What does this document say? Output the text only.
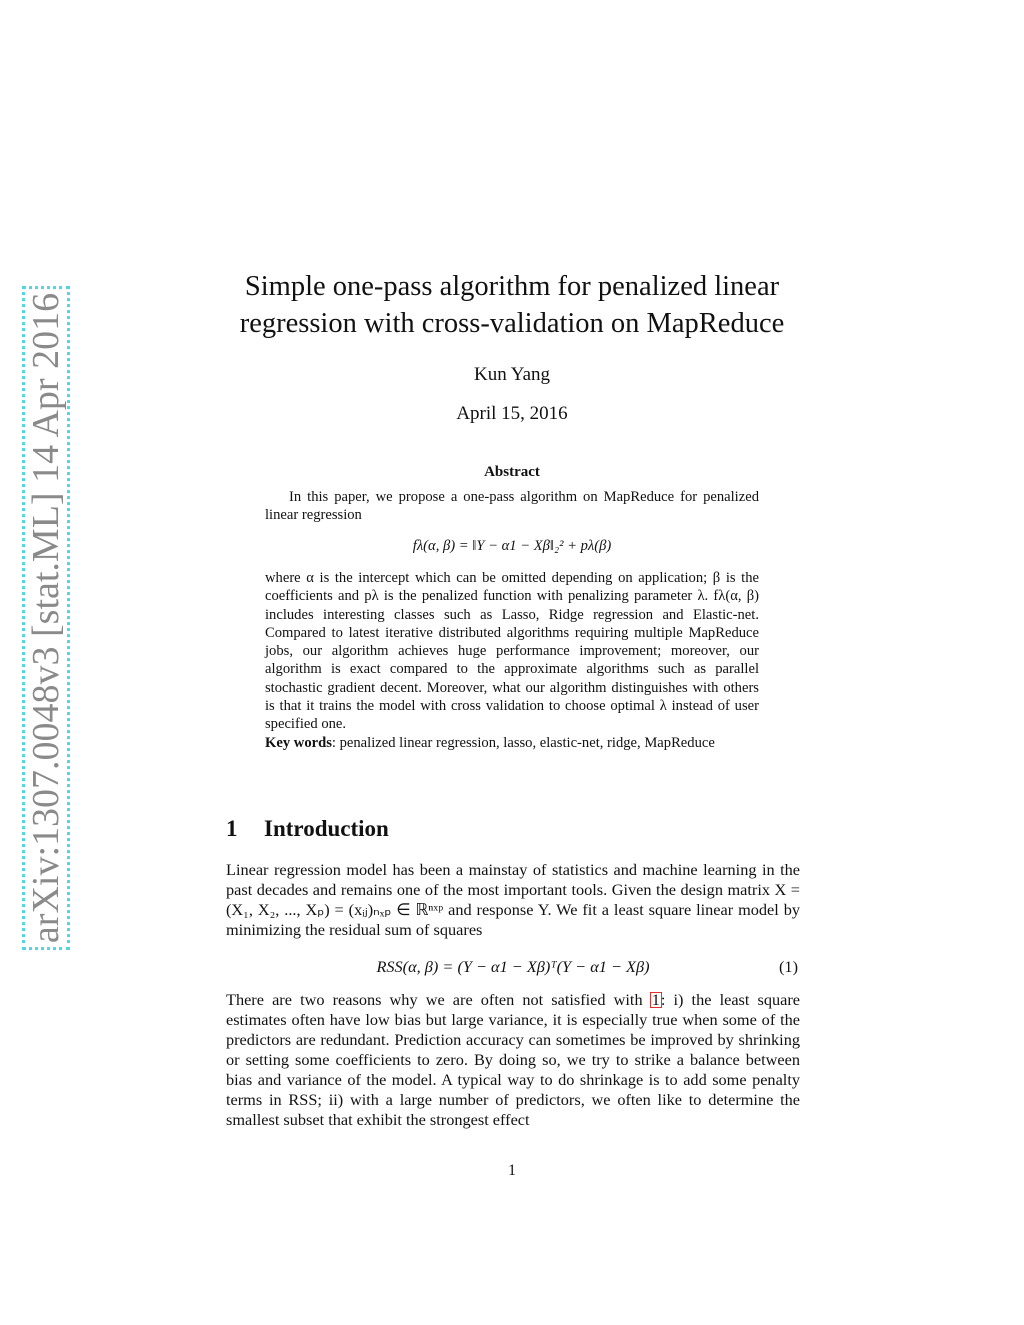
arXiv:1307.0048v3 [stat.ML] 14 Apr 2016
Simple one-pass algorithm for penalized linear
regression with cross-validation on MapReduce
Kun Yang
April 15, 2016
Abstract

In this paper, we propose a one-pass algorithm on MapReduce for penalized linear regression

fλ(α, β) = ‖Y − α1 − Xβ‖₂² + pλ(β)

where α is the intercept which can be omitted depending on application; β is the coefficients and pλ is the penalized function with penalizing parameter λ. fλ(α, β) includes interesting classes such as Lasso, Ridge regression and Elastic-net. Compared to latest iterative distributed algorithms requiring multiple MapReduce jobs, our algorithm achieves huge performance improvement; moreover, our algorithm is exact compared to the approximate algorithms such as parallel stochastic gradient decent. Moreover, what our algorithm distinguishes with others is that it trains the model with cross validation to choose optimal λ instead of user specified one.

Key words: penalized linear regression, lasso, elastic-net, ridge, MapReduce

1 Introduction

Linear regression model has been a mainstay of statistics and machine learning in the past decades and remains one of the most important tools. Given the design matrix X = (X₁, X₂, ..., Xₚ) = (xᵢⱼ)ₙₓₚ ∈ ℝⁿˣᵖ and response Y. We fit a least square linear model by minimizing the residual sum of squares

RSS(α, β) = (Y − α1 − Xβ)ᵀ(Y − α1 − Xβ)	(1)

There are two reasons why we are often not satisfied with 1: i) the least square estimates often have low bias but large variance, it is especially true when some of the predictors are redundant. Prediction accuracy can sometimes be improved by shrinking or setting some coefficients to zero. By doing so, we try to strike a balance between bias and variance of the model. A typical way to do shrinkage is to add some penalty terms in RSS; ii) with a large number of predictors, we often like to determine the smallest subset that exhibit the strongest effect

1
